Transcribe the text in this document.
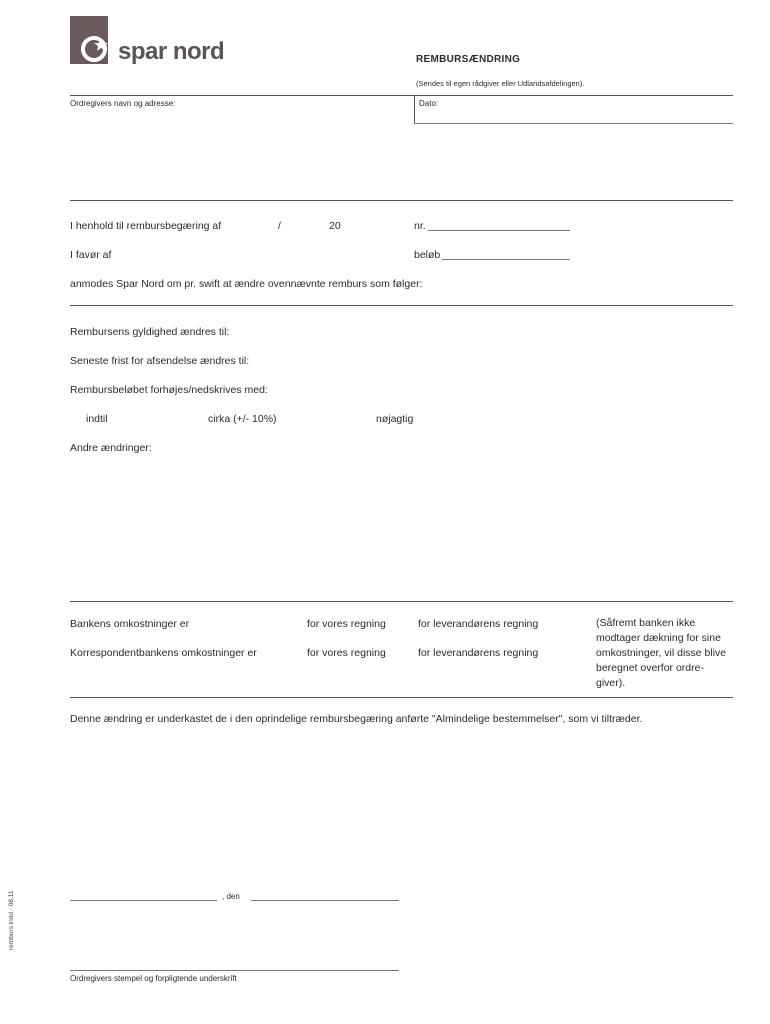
spar nord	REMBURSÆNDRING
(Sendes til egen rådgiver eller Udlandsafdelingen).
Ordregivers navn og adresse:	Dato:
I henhold til rembursbegæring af	/	20	nr.
I favør af	beløb
anmodes Spar Nord om pr. swift at ændre ovennævnte remburs som følger:
Rembursens gyldighed ændres til:
Seneste frist for afsendelse ændres til:
Rembursbeløbet forhøjes/nedskrives med:
indtil	cirka (+/- 10%)	nøjagtig
Andre ændringer:
Bankens omkostninger er	for vores regning	for leverandørens regning
Korrespondentbankens omkostninger er	for vores regning	for leverandørens regning
(Såfremt banken ikke
modtager dækning for sine
omkostninger, vil disse blive
beregnet overfor ordre-
giver).
Denne ændring er underkastet de i den oprindelige rembursbegæring anførte "Almindelige bestemmelser", som vi tiltræder.
, den
Ordregivers stempel og forpligtende underskrift
remburs.indd · 08.11
